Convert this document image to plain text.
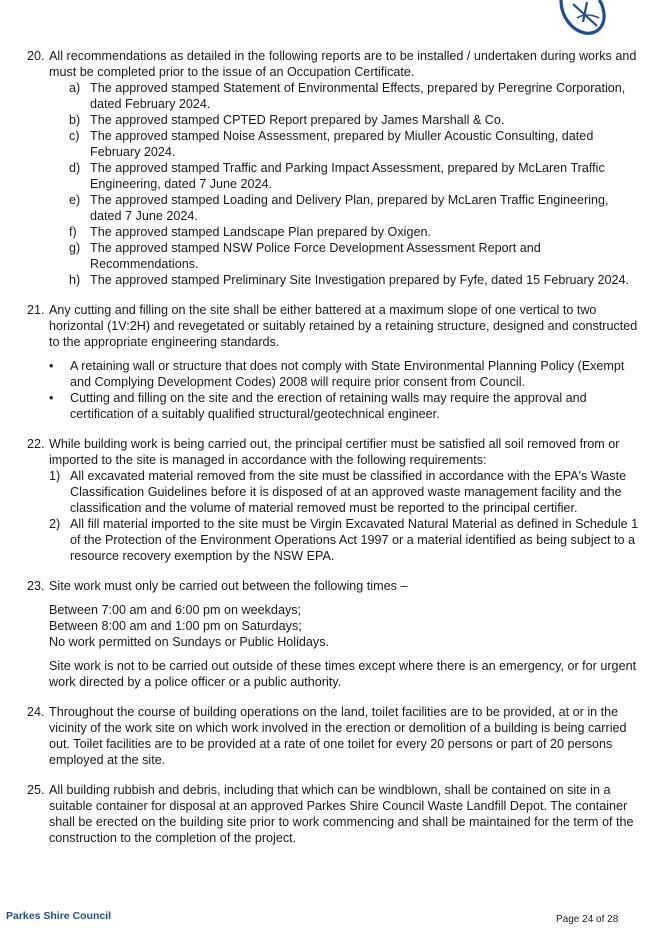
20. All recommendations as detailed in the following reports are to be installed / undertaken during works and must be completed prior to the issue of an Occupation Certificate.

a) The approved stamped Statement of Environmental Effects, prepared by Peregrine Corporation, dated February 2024.
b) The approved stamped CPTED Report prepared by James Marshall & Co.
c) The approved stamped Noise Assessment, prepared by Miuller Acoustic Consulting, dated February 2024.
d) The approved stamped Traffic and Parking Impact Assessment, prepared by McLaren Traffic Engineering, dated 7 June 2024.
e) The approved stamped Loading and Delivery Plan, prepared by McLaren Traffic Engineering, dated 7 June 2024.
f) The approved stamped Landscape Plan prepared by Oxigen.
g) The approved stamped NSW Police Force Development Assessment Report and Recommendations.
h) The approved stamped Preliminary Site Investigation prepared by Fyfe, dated 15 February 2024.
21. Any cutting and filling on the site shall be either battered at a maximum slope of one vertical to two horizontal (1V:2H) and revegetated or suitably retained by a retaining structure, designed and constructed to the appropriate engineering standards.

• A retaining wall or structure that does not comply with State Environmental Planning Policy (Exempt and Complying Development Codes) 2008 will require prior consent from Council.
• Cutting and filling on the site and the erection of retaining walls may require the approval and certification of a suitably qualified structural/geotechnical engineer.
22. While building work is being carried out, the principal certifier must be satisfied all soil removed from or imported to the site is managed in accordance with the following requirements:

1) All excavated material removed from the site must be classified in accordance with the EPA's Waste Classification Guidelines before it is disposed of at an approved waste management facility and the classification and the volume of material removed must be reported to the principal certifier.
2) All fill material imported to the site must be Virgin Excavated Natural Material as defined in Schedule 1 of the Protection of the Environment Operations Act 1997 or a material identified as being subject to a resource recovery exemption by the NSW EPA.
23. Site work must only be carried out between the following times –

Between 7:00 am and 6:00 pm on weekdays;

Between 8:00 am and 1:00 pm on Saturdays;

No work permitted on Sundays or Public Holidays.

Site work is not to be carried out outside of these times except where there is an emergency, or for urgent work directed by a police officer or a public authority.

24. Throughout the course of building operations on the land, toilet facilities are to be provided, at or in the vicinity of the work site on which work involved in the erection or demolition of a building is being carried out. Toilet facilities are to be provided at a rate of one toilet for every 20 persons or part of 20 persons employed at the site.

25. All building rubbish and debris, including that which can be windblown, shall be contained on site in a suitable container for disposal at an approved Parkes Shire Council Waste Landfill Depot. The container shall be erected on the building site prior to work commencing and shall be maintained for the term of the construction to the completion of the project.

Parkes Shire Council	Page 24 of 28
